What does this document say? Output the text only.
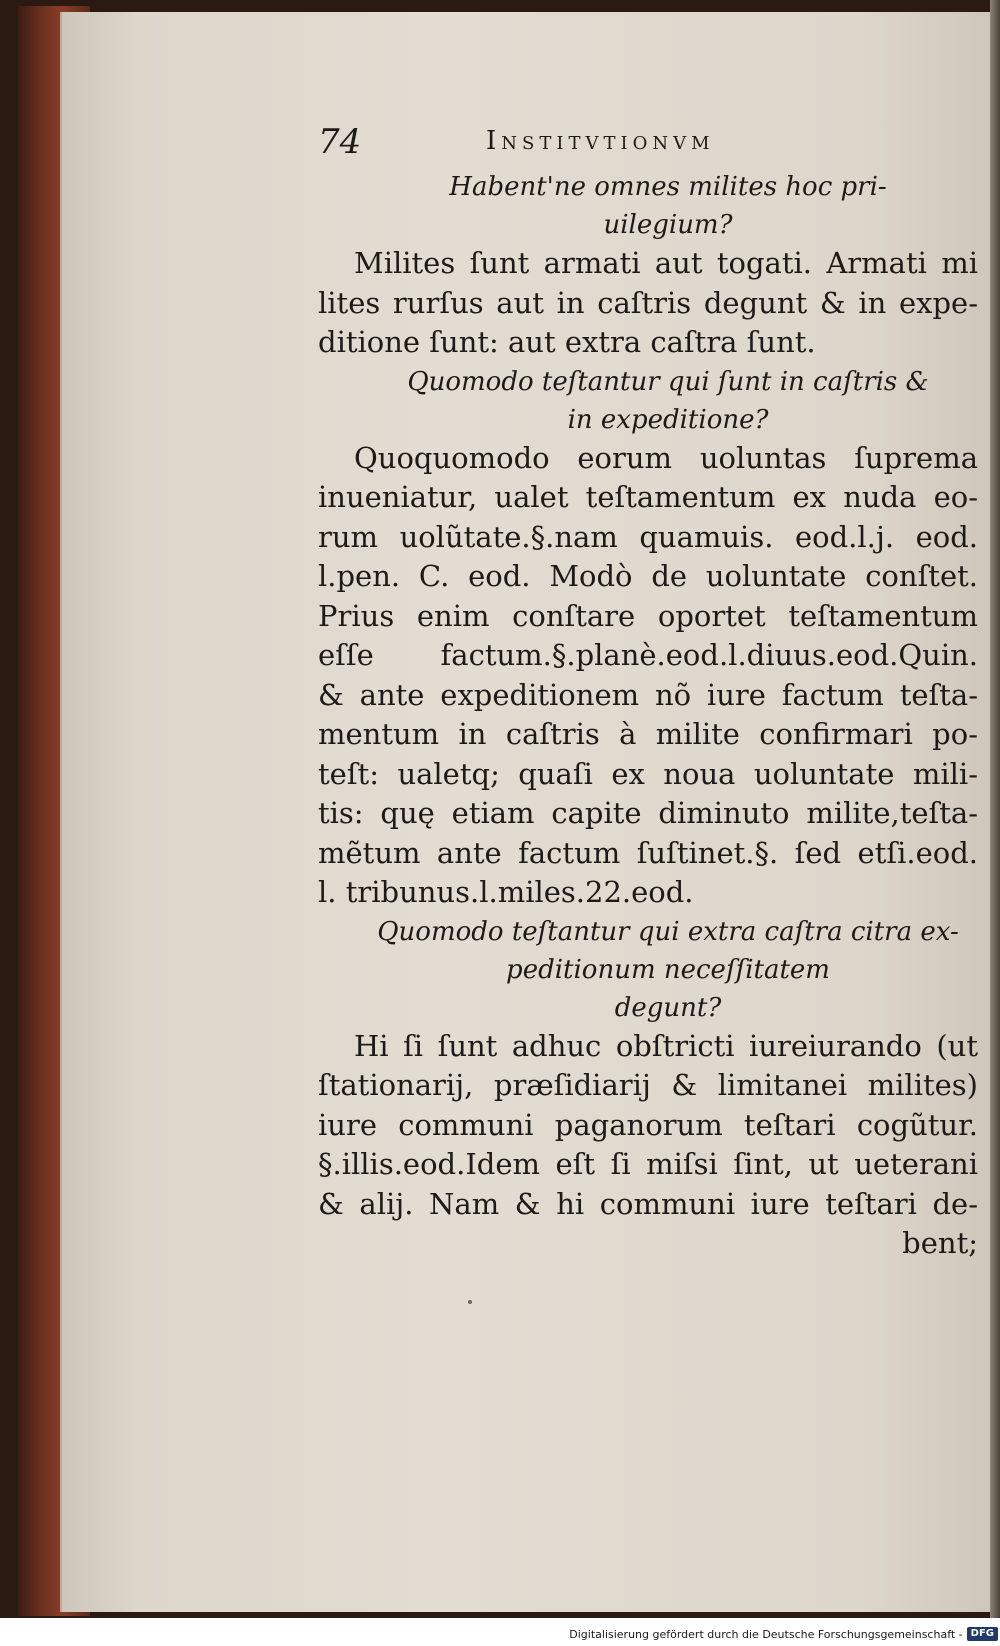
74	Institvtionvm

Habent'ne omnes milites hoc pri-
uilegium?

Milites ſunt armati aut togati. Armati mi
lites rurſus aut in caſtris degunt & in expe-
ditione ſunt: aut extra caſtra ſunt.

Quomodo teſtantur qui ſunt in caſtris &
in expeditione?

Quoquomodo eorum uoluntas ſuprema
inueniatur, ualet teſtamentum ex nuda eo-
rum uolũtate.§.nam quamuis. eod.l.j. eod.
l.pen. C. eod. Modò de uoluntate conſtet.
Prius enim conſtare oportet teſtamentum
eſſe factum.§.planè.eod.l.diuus.eod.Quin.
& ante expeditionem nõ iure factum teſta-
mentum in caſtris à milite confirmari po-
teſt: ualetq; quaſi ex noua uoluntate mili-
tis: quę etiam capite diminuto milite,teſta-
mẽtum ante factum ſuſtinet.§. ſed etſi.eod.
l. tribunus.l.miles.22.eod.

Quomodo teſtantur qui extra caſtra citra ex-
peditionum neceſſitatem
degunt?

Hi ſi ſunt adhuc obſtricti iureiurando (ut
ſtationarij, præſidiarij & limitanei milites)
iure communi paganorum teſtari cogũtur.
§.illis.eod.Idem eſt ſi miſsi ſint, ut ueterani
& alij. Nam & hi communi iure teſtari de-

bent;

Digitalisierung gefördert durch die Deutsche Forschungsgemeinschaft - DFG
